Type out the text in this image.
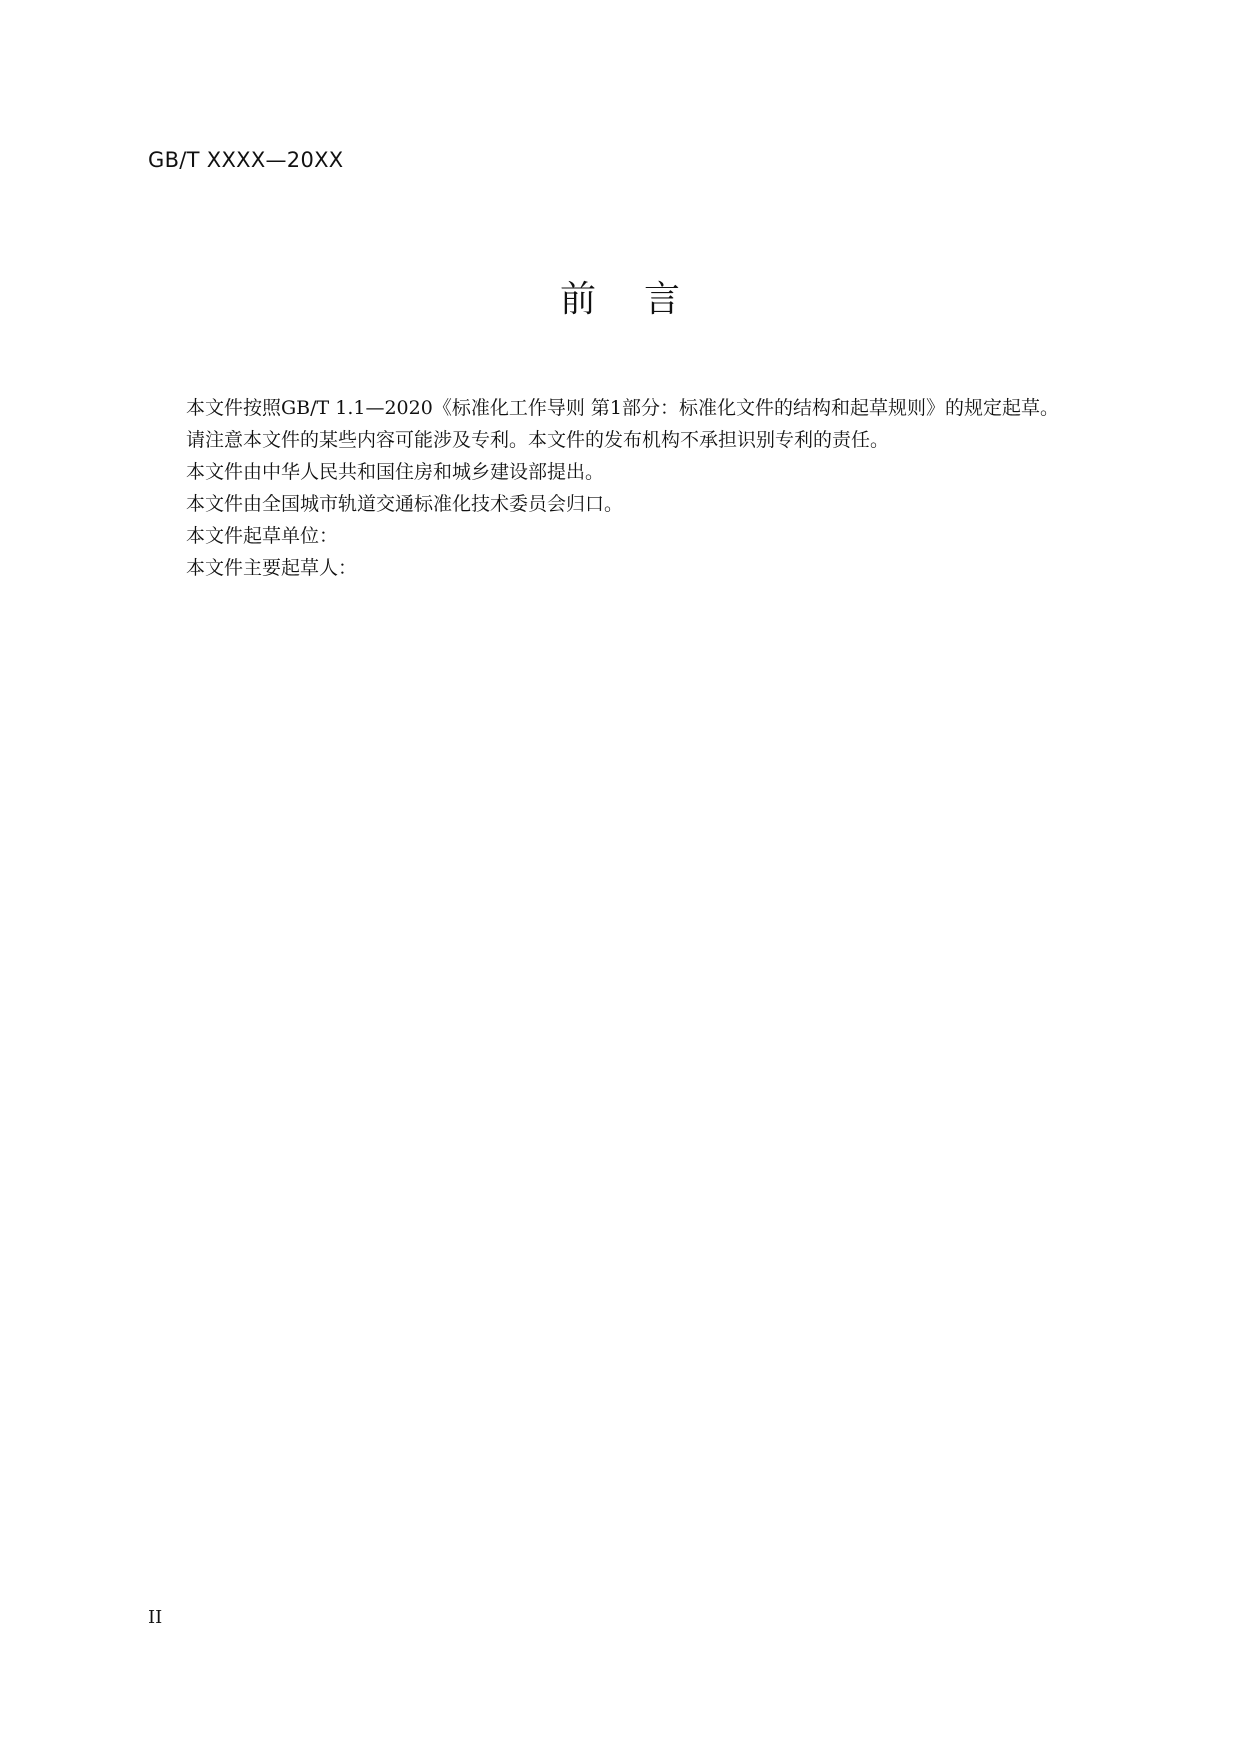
GB/T XXXX—20XX
前 言

本文件按照GB/T 1.1—2020《标准化工作导则 第1部分：标准化文件的结构和起草规则》的规定起草。

请注意本文件的某些内容可能涉及专利。本文件的发布机构不承担识别专利的责任。

本文件由中华人民共和国住房和城乡建设部提出。

本文件由全国城市轨道交通标准化技术委员会归口。

本文件起草单位：

本文件主要起草人：

II
